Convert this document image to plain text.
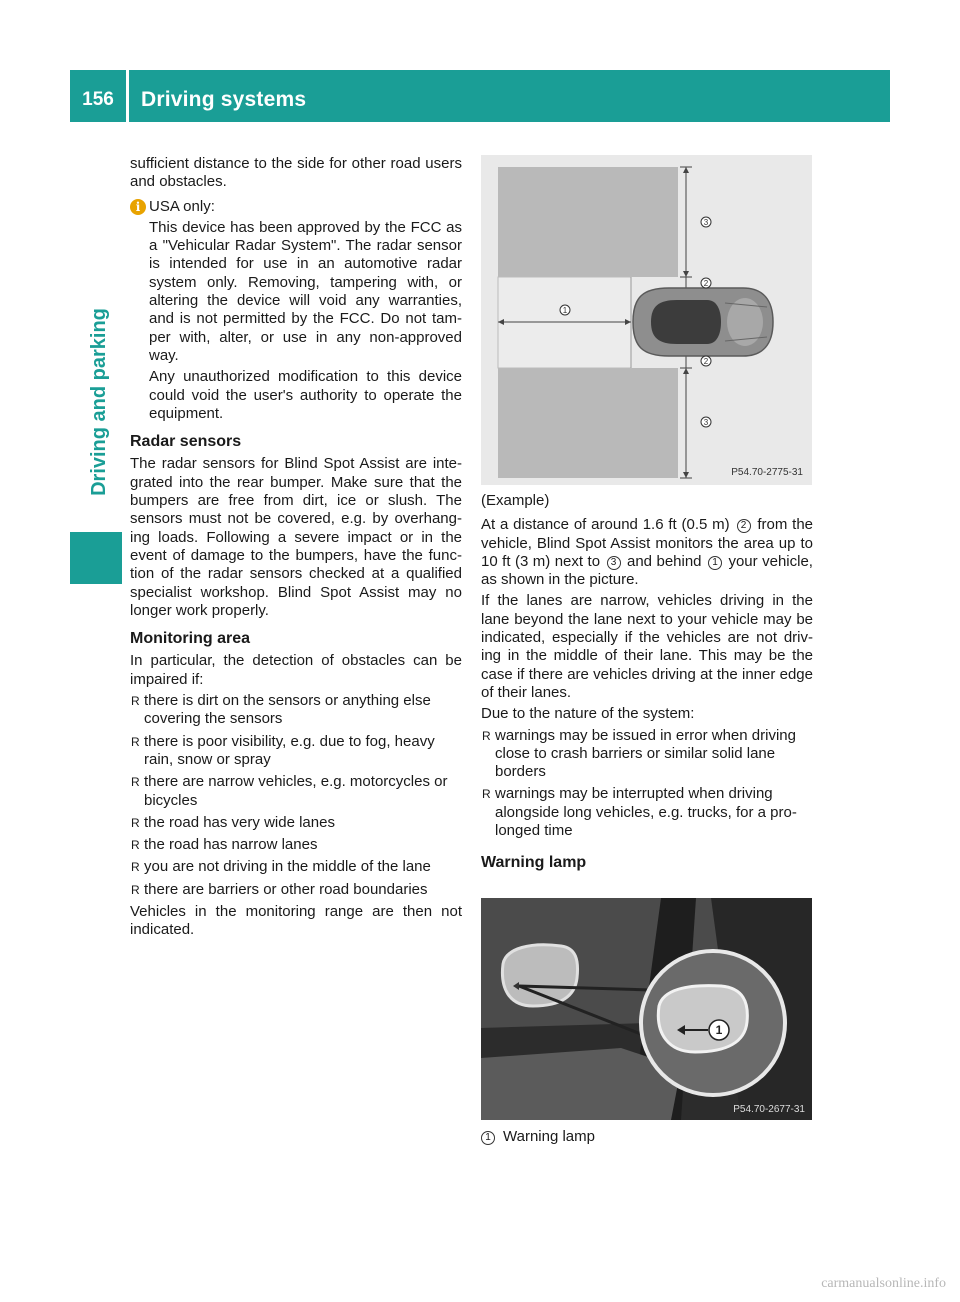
156	Driving systems
Driving and parking

sufficient distance to the side for other road users and obstacles.

i USA only:

This device has been approved by the FCC as a "Vehicular Radar System". The radar sensor is intended for use in an automotive radar system only. Removing, tampering with, or altering the device will void any warranties, and is not permitted by the FCC. Do not tam-per with, alter, or use in any non-approved way.

Any unauthorized modification to this device could void the user's authority to operate the equipment.

Radar sensors

The radar sensors for Blind Spot Assist are inte-grated into the rear bumper. Make sure that the bumpers are free from dirt, ice or slush. The sensors must not be covered, e.g. by overhang-ing loads. Following a severe impact or in the event of damage to the bumpers, have the func-tion of the radar sensors checked at a qualified specialist workshop. Blind Spot Assist may no longer work properly.

Monitoring area

In particular, the detection of obstacles can be impaired if:

R there is dirt on the sensors or anything else covering the sensors
R there is poor visibility, e.g. due to fog, heavy rain, snow or spray
R there are narrow vehicles, e.g. motorcycles or bicycles
R the road has very wide lanes
R the road has narrow lanes
R you are not driving in the middle of the lane
R there are barriers or other road boundaries

Vehicles in the monitoring range are then not indicated.

3
2
1
2
3
P54.70-2775-31

(Example)

At a distance of around 1.6 ft (0.5 m) 2 from the vehicle, Blind Spot Assist monitors the area up to 10 ft (3 m) next to 3 and behind 1 your vehicle, as shown in the picture.

If the lanes are narrow, vehicles driving in the lane beyond the lane next to your vehicle may be indicated, especially if the vehicles are not driv-ing in the middle of their lane. This may be the case if there are vehicles driving at the inner edge of their lanes.

Due to the nature of the system:

R warnings may be issued in error when driving close to crash barriers or similar solid lane borders
R warnings may be interrupted when driving alongside long vehicles, e.g. trucks, for a pro-longed time
Warning lamp
1
P54.70-2677-31
1 Warning lamp
carmanualsonline.info
